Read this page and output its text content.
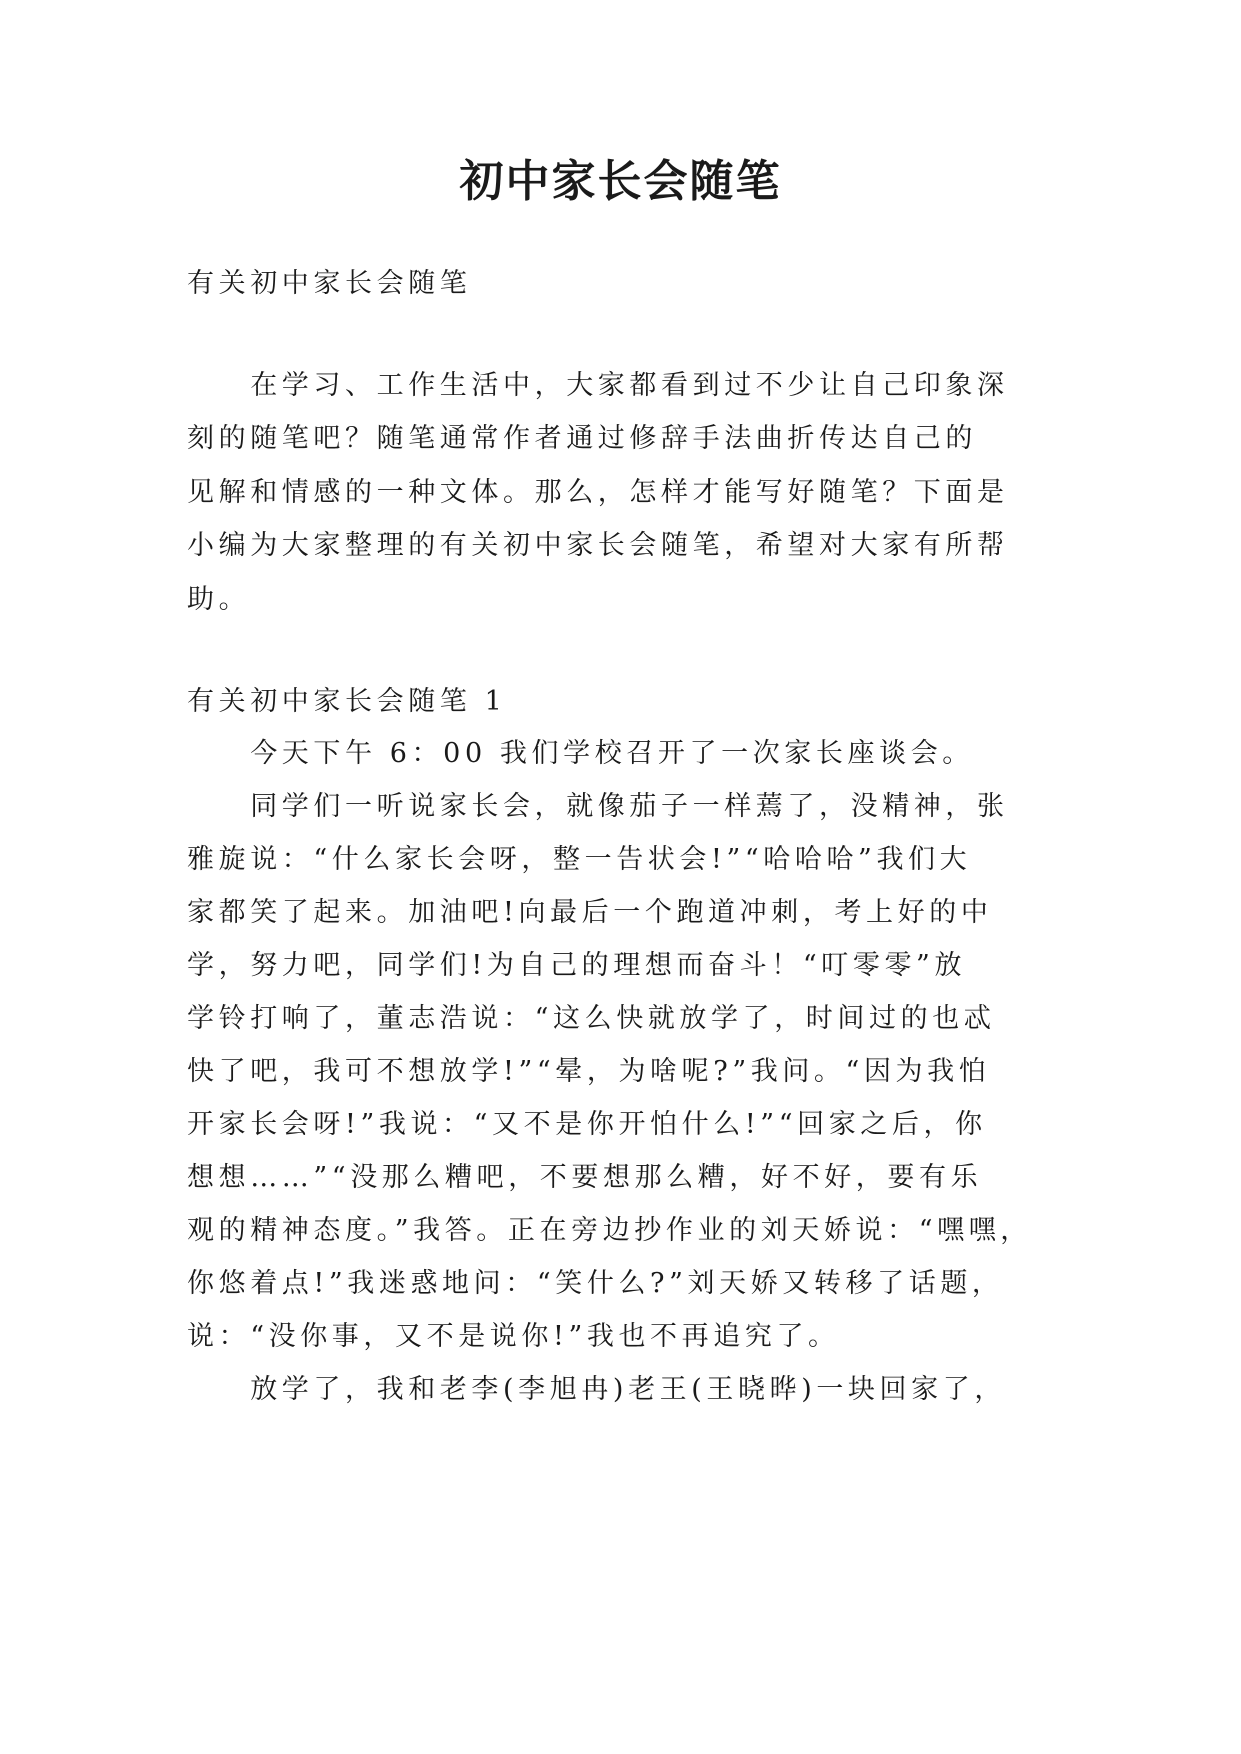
初中家长会随笔

有关初中家长会随笔

　　在学习、工作生活中，大家都看到过不少让自己印象深

刻的随笔吧？随笔通常作者通过修辞手法曲折传达自己的

见解和情感的一种文体。那么，怎样才能写好随笔？下面是

小编为大家整理的有关初中家长会随笔，希望对大家有所帮

助。

有关初中家长会随笔 1

　　今天下午 6：00 我们学校召开了一次家长座谈会。

　　同学们一听说家长会，就像茄子一样蔫了，没精神，张

雅旋说：“什么家长会呀，整一告状会!”“哈哈哈”我们大

家都笑了起来。加油吧!向最后一个跑道冲刺，考上好的中

学，努力吧，同学们!为自己的理想而奋斗！“叮零零”放

学铃打响了，董志浩说：“这么快就放学了，时间过的也忒

快了吧，我可不想放学!”“晕，为啥呢?”我问。“因为我怕

开家长会呀!”我说：“又不是你开怕什么!”“回家之后，你

想想……”“没那么糟吧，不要想那么糟，好不好，要有乐

观的精神态度。”我答。正在旁边抄作业的刘天娇说：“嘿嘿，

你悠着点!”我迷惑地问：“笑什么?”刘天娇又转移了话题，

说：“没你事，又不是说你!”我也不再追究了。

　　放学了，我和老李(李旭冉)老王(王晓晔)一块回家了，
